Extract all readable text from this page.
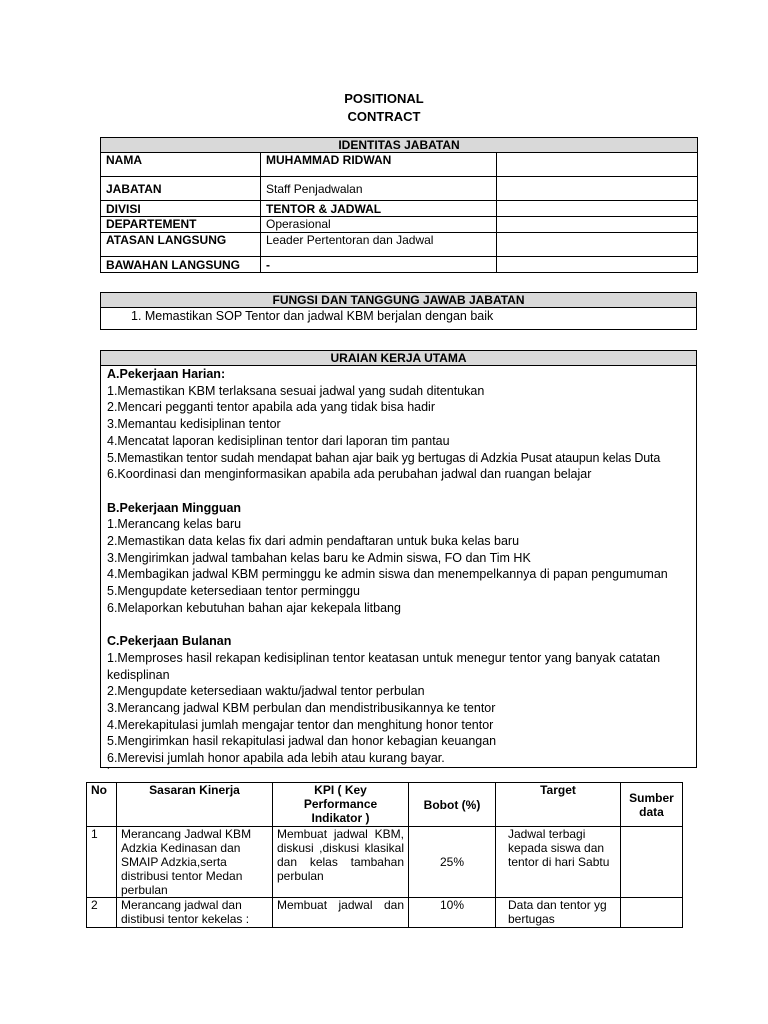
POSITIONAL
CONTRACT
IDENTITAS JABATAN		
NAMA	MUHAMMAD RIDWAN	
JABATAN	Staff Penjadwalan	
DIVISI	TENTOR & JADWAL	
DEPARTEMENT	Operasional	
ATASAN LANGSUNG	Leader Pertentoran dan Jadwal	
BAWAHAN LANGSUNG	-	
FUNGSI DAN TANGGUNG JAWAB JABATAN
1. Memastikan SOP Tentor dan jadwal KBM berjalan dengan baik
URAIAN KERJA UTAMA

A.Pekerjaan Harian:
1.Memastikan KBM terlaksana sesuai jadwal yang sudah ditentukan
2.Mencari pegganti tentor apabila ada yang tidak bisa hadir
3.Memantau kedisiplinan tentor
4.Mencatat laporan kedisiplinan tentor dari laporan tim pantau
5.Memastikan tentor sudah mendapat bahan ajar baik yg bertugas di Adzkia Pusat ataupun kelas Duta
6.Koordinasi dan menginformasikan apabila ada perubahan jadwal dan ruangan belajar
B.Pekerjaan Mingguan
1.Merancang kelas baru
2.Memastikan data kelas fix dari admin pendaftaran untuk buka kelas baru
3.Mengirimkan jadwal tambahan kelas baru ke Admin siswa, FO dan Tim HK
4.Membagikan jadwal KBM perminggu ke admin siswa dan menempelkannya di papan pengumuman
5.Mengupdate ketersediaan tentor perminggu
6.Melaporkan kebutuhan bahan ajar kekepala litbang
C.Pekerjaan Bulanan
1.Memproses hasil rekapan kedisiplinan tentor keatasan untuk menegur tentor yang banyak catatan kedisplinan
2.Mengupdate ketersediaan waktu/jadwal tentor perbulan
3.Merancang jadwal KBM perbulan dan mendistribusikannya ke tentor
4.Merekapitulasi jumlah mengajar tentor dan menghitung honor tentor
5.Mengirimkan hasil rekapitulasi jadwal dan honor kebagian keuangan
6.Merevisi jumlah honor apabila ada lebih atau kurang bayar.
`
No	Sasaran Kinerja	KPI ( Key Performance Indikator )	Bobot (%)	Target	Sumber data
1	Merancang Jadwal KBM Adzkia Kedinasan dan SMAIP Adzkia,serta distribusi tentor Medan perbulan	Membuat jadwal KBM, diskusi ,diskusi klasikal dan kelas tambahan perbulan	25%	Jadwal terbagi kepada siswa dan tentor di hari Sabtu	
2	Merancang jadwal dan distibusi tentor kekelas :	Membuat jadwal dan	10%	Data dan tentor yg bertugas	
